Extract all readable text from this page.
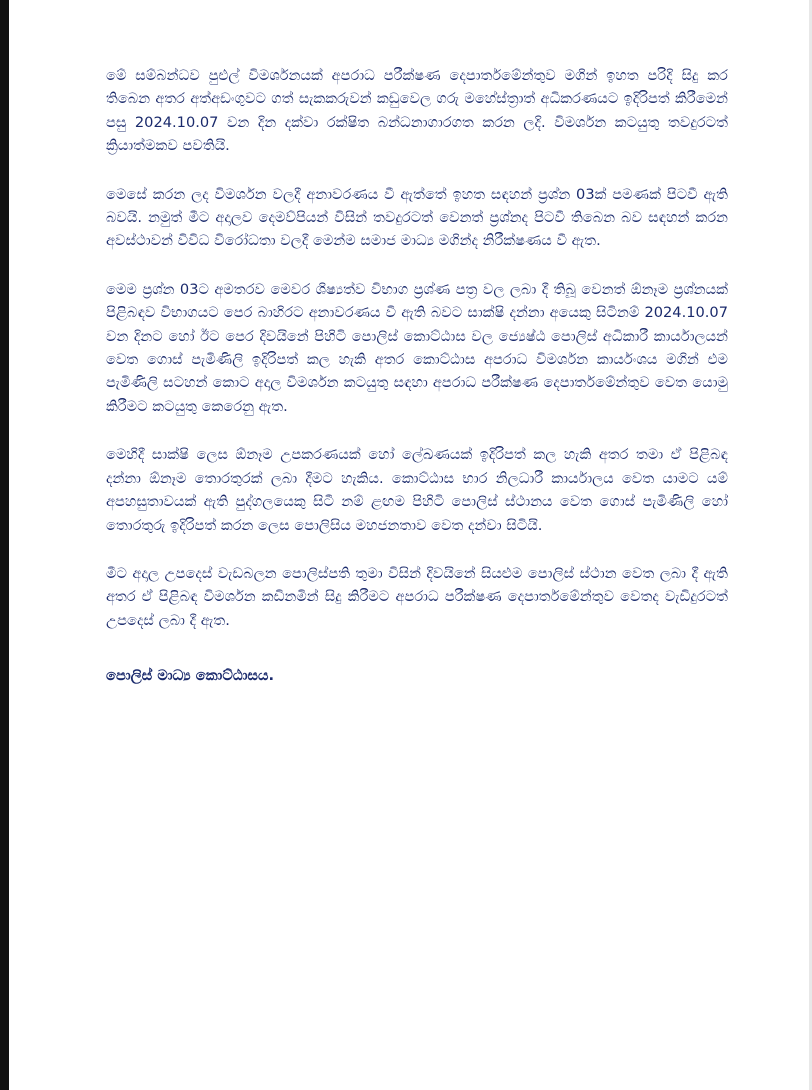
මේ සම්බන්ධව පුළුල් විමර්ශනයක් අපරාධ පරීක්ෂණ දෙපාර්තමේන්තුව මගින් ඉහත පරිදි සිදු කර තිබෙන අතර අත්අඩංගුවට ගත් සැකකරුවන් කඩුවෙල ගරු මහේස්ත්‍රාත් අධිකරණයට ඉදිරිපත් කිරීමෙන් පසු 2024.10.07 වන දින දක්වා රක්ෂිත බන්ධනාගාරගත කරන ලදි. විමර්ශන කටයුතු තවදුරටත් ක්‍රියාත්මකව පවතියි.

මෙසේ කරන ලද විමර්ශන වලදී අනාවරණය වී ඇත්තේ ඉහත සඳහන් ප්‍රශ්න 03ක් පමණක් පිටවී ඇති බවයි. නමුත් මීට අදාලව දෙමව්පියන් විසින් තවදුරටත් වෙනත් ප්‍රශ්නද පිටවී තිබෙන බව සඳහන් කරන අවස්ථාවන් විවිධ විරෝධතා වලදී මෙන්ම සමාජ මාධ්‍ය මගින්ද නිරීක්ෂණය වී ඇත.

මෙම ප්‍රශ්න 03ට අමතරව මෙවර ශිෂ්‍යත්ව විභාග ප්‍රශ්ණ පත්‍ර වල ලබා දී තිබූ වෙනත් ඕනෑම ප්‍රශ්නයක් පිළිබඳව විභාගයට පෙර බාහිරට අනාවරණය වී ඇති බවට සාක්ෂි දන්නා අයෙකු සිටිනම් 2024.10.07 වන දිනට හෝ ඊට පෙර දිවයිනේ පිහිටි පොලිස් කොට්ඨාස වල ජ්‍යෙෂ්ඨ පොලිස් අධිකාරී කාර්යාලයන් වෙත ගොස් පැමිණිලි ඉදිරිපත් කල හැකි අතර කොට්ඨාස අපරාධ විමර්ශන කාර්යංශය මගින් එම පැමිණිලි සටහන් කොට අදාල විමර්ශන කටයුතු සඳහා අපරාධ පරීක්ෂණ දෙපාර්තමේන්තුව වෙත යොමු කිරීමට කටයුතු කෙරෙනු ඇත.

මෙහිදී සාක්ෂි ලෙස ඕනෑම උපකරණයක් හෝ ලේඛණයක් ඉදිරිපත් කල හැකි අතර තමා ඒ පිළිබඳ දන්නා ඕනෑම තොරතුරක් ලබා දීමට හැකිය. කොට්ඨාස භාර නිලධාරී කාර්යාලය වෙත යාමට යම් අපහසුතාවයක් ඇති පුද්ගලයෙකු සිටී නම් ළඟම පිහිටි පොලිස් ස්ථානය වෙත ගොස් පැමිණිලි හෝ තොරතුරු ඉදිරිපත් කරන ලෙස පොලිසිය මහජනතාව වෙත දන්වා සිටියි.

මීට අදාල උපදෙස් වැඩබලන පොලිස්පති තුමා විසින් දිවයිනේ සියළුම පොලිස් ස්ථාන වෙත ලබා දී ඇති අතර ඒ පිළිබඳ විමර්ශන කඩිනමින් සිදු කිරීමට අපරාධ පරීක්ෂණ දෙපාර්තමේන්තුව වෙතද වැඩිදුරටත් උපදෙස් ලබා දී ඇත.

පොලිස් මාධ්‍ය කොට්ඨාසය.
